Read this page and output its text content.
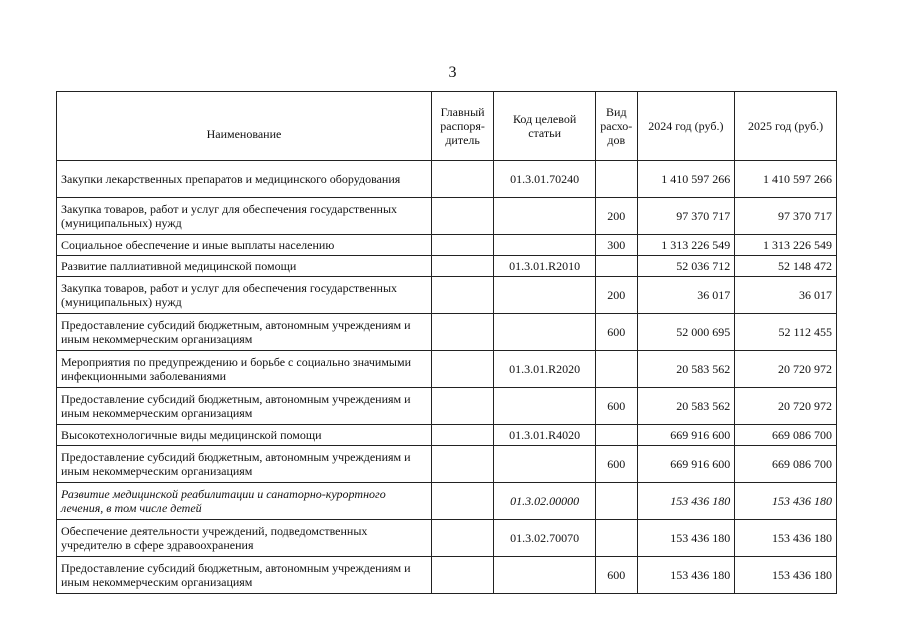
3
Наименование	Главный распоря-дитель	Код целевой статьи	Вид расхо-дов	2024 год (руб.)	2025 год (руб.)
Закупки лекарственных препаратов и медицинского оборудования		01.3.01.70240		1 410 597 266	1 410 597 266
Закупка товаров, работ и услуг для обеспечения государственных (муниципальных) нужд			200	97 370 717	97 370 717
Социальное обеспечение и иные выплаты населению			300	1 313 226 549	1 313 226 549
Развитие паллиативной медицинской помощи		01.3.01.R2010		52 036 712	52 148 472
Закупка товаров, работ и услуг для обеспечения государственных (муниципальных) нужд			200	36 017	36 017
Предоставление субсидий бюджетным, автономным учреждениям и иным некоммерческим организациям			600	52 000 695	52 112 455
Мероприятия по предупреждению и борьбе с социально значимыми инфекционными заболеваниями		01.3.01.R2020		20 583 562	20 720 972
Предоставление субсидий бюджетным, автономным учреждениям и иным некоммерческим организациям			600	20 583 562	20 720 972
Высокотехнологичные виды медицинской помощи		01.3.01.R4020		669 916 600	669 086 700
Предоставление субсидий бюджетным, автономным учреждениям и иным некоммерческим организациям			600	669 916 600	669 086 700
Развитие медицинской реабилитации и санаторно-курортного лечения, в том числе детей		01.3.02.00000		153 436 180	153 436 180
Обеспечение деятельности учреждений, подведомственных учредителю в сфере здравоохранения		01.3.02.70070		153 436 180	153 436 180
Предоставление субсидий бюджетным, автономным учреждениям и иным некоммерческим организациям			600	153 436 180	153 436 180
